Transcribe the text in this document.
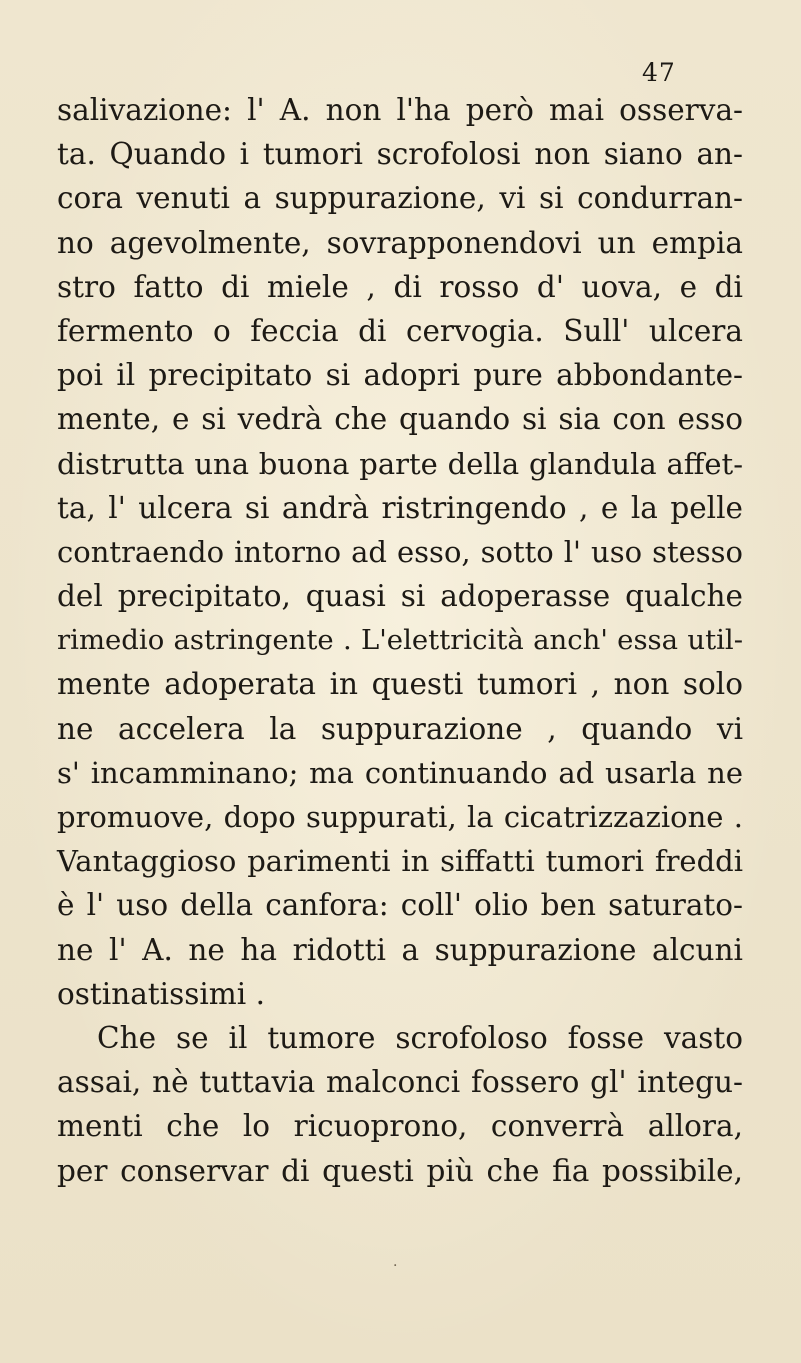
47
salivazione: l' A. non l'ha però mai osserva-
ta. Quando i tumori scrofolosi non siano an-
cora venuti a suppurazione, vi si condurran-
no agevolmente, sovrapponendovi un empia
stro fatto di miele , di rosso d' uova, e di
fermento o feccia di cervogia. Sull' ulcera
poi il precipitato si adopri pure abbondante-
mente, e si vedrà che quando si sia con esso
distrutta una buona parte della glandula affet-
ta, l' ulcera si andrà ristringendo , e la pelle
contraendo intorno ad esso, sotto l' uso stesso
del precipitato, quasi si adoperasse qualche
rimedio astringente . L'elettricità anch' essa util-
mente adoperata in questi tumori , non solo
ne accelera la suppurazione , quando vi
s' incamminano; ma continuando ad usarla ne
promuove, dopo suppurati, la cicatrizzazione .
Vantaggioso parimenti in siffatti tumori freddi
è l' uso della canfora: coll' olio ben saturato-
ne l' A. ne ha ridotti a suppurazione alcuni
ostinatissimi .
Che se il tumore scrofoloso fosse vasto
assai, nè tuttavia malconci fossero gl' integu-
menti che lo ricuoprono, converrà allora,
per conservar di questi più che fia possibile,
·
